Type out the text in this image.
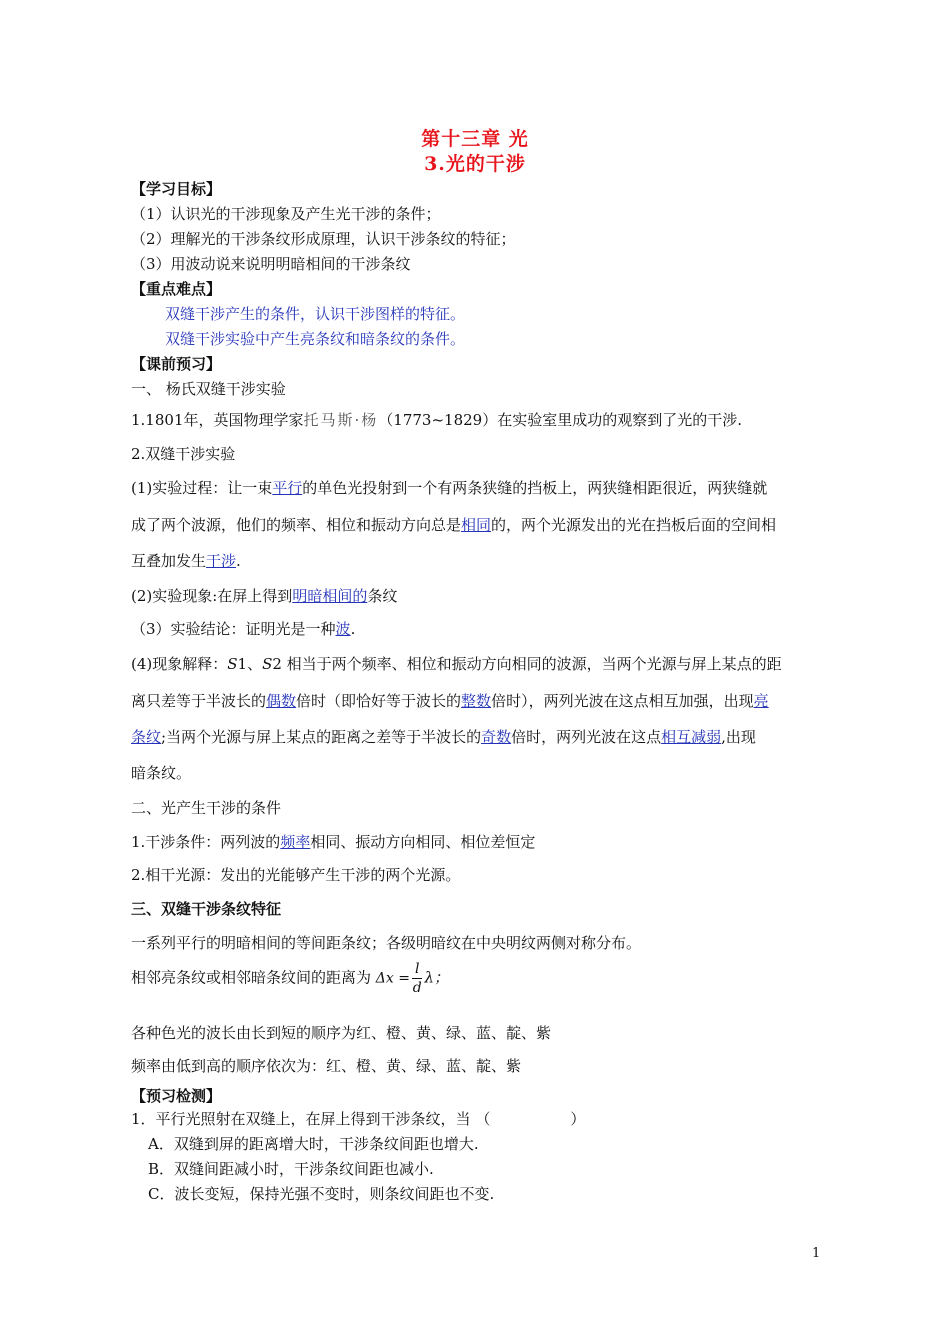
第十三章 光
3.光的干涉
【学习目标】
（1）认识光的干涉现象及产生光干涉的条件；
（2）理解光的干涉条纹形成原理，认识干涉条纹的特征；
（3）用波动说来说明明暗相间的干涉条纹
【重点难点】
双缝干涉产生的条件，认识干涉图样的特征。
双缝干涉实验中产生亮条纹和暗条纹的条件。
【课前预习】
一、 杨氏双缝干涉实验
1.1801年，英国物理学家托马斯·杨（1773~1829）在实验室里成功的观察到了光的干涉.
2.双缝干涉实验
(1)实验过程：让一束平行的单色光投射到一个有两条狭缝的挡板上，两狭缝相距很近，两狭缝就
成了两个波源，他们的频率、相位和振动方向总是相同的，两个光源发出的光在挡板后面的空间相
互叠加发生干涉.
(2)实验现象:在屏上得到明暗相间的条纹
（3）实验结论：证明光是一种波.
(4)现象解释：S1、S2 相当于两个频率、相位和振动方向相同的波源，当两个光源与屏上某点的距
离只差等于半波长的偶数倍时（即恰好等于波长的整数倍时），两列光波在这点相互加强，出现亮
条纹;当两个光源与屏上某点的距离之差等于半波长的奇数倍时，两列光波在这点相互减弱,出现
暗条纹。
二、光产生干涉的条件
1.干涉条件：两列波的频率相同、振动方向相同、相位差恒定
2.相干光源：发出的光能够产生干涉的两个光源。
三、双缝干涉条纹特征
一系列平行的明暗相间的等间距条纹；各级明暗纹在中央明纹两侧对称分布。
相邻亮条纹或相邻暗条纹间的距离为 $\Delta x = \frac{l}{d}$ λ；
各种色光的波长由长到短的顺序为红、橙、黄、绿、蓝、靛、紫
频率由低到高的顺序依次为：红、橙、黄、绿、蓝、靛、紫
【预习检测】
1．平行光照射在双缝上，在屏上得到干涉条纹，当 （	）
A．双缝到屏的距离增大时，干涉条纹间距也增大.
B．双缝间距减小时，干涉条纹间距也减小.
C．波长变短，保持光强不变时，则条纹间距也不变.
1
